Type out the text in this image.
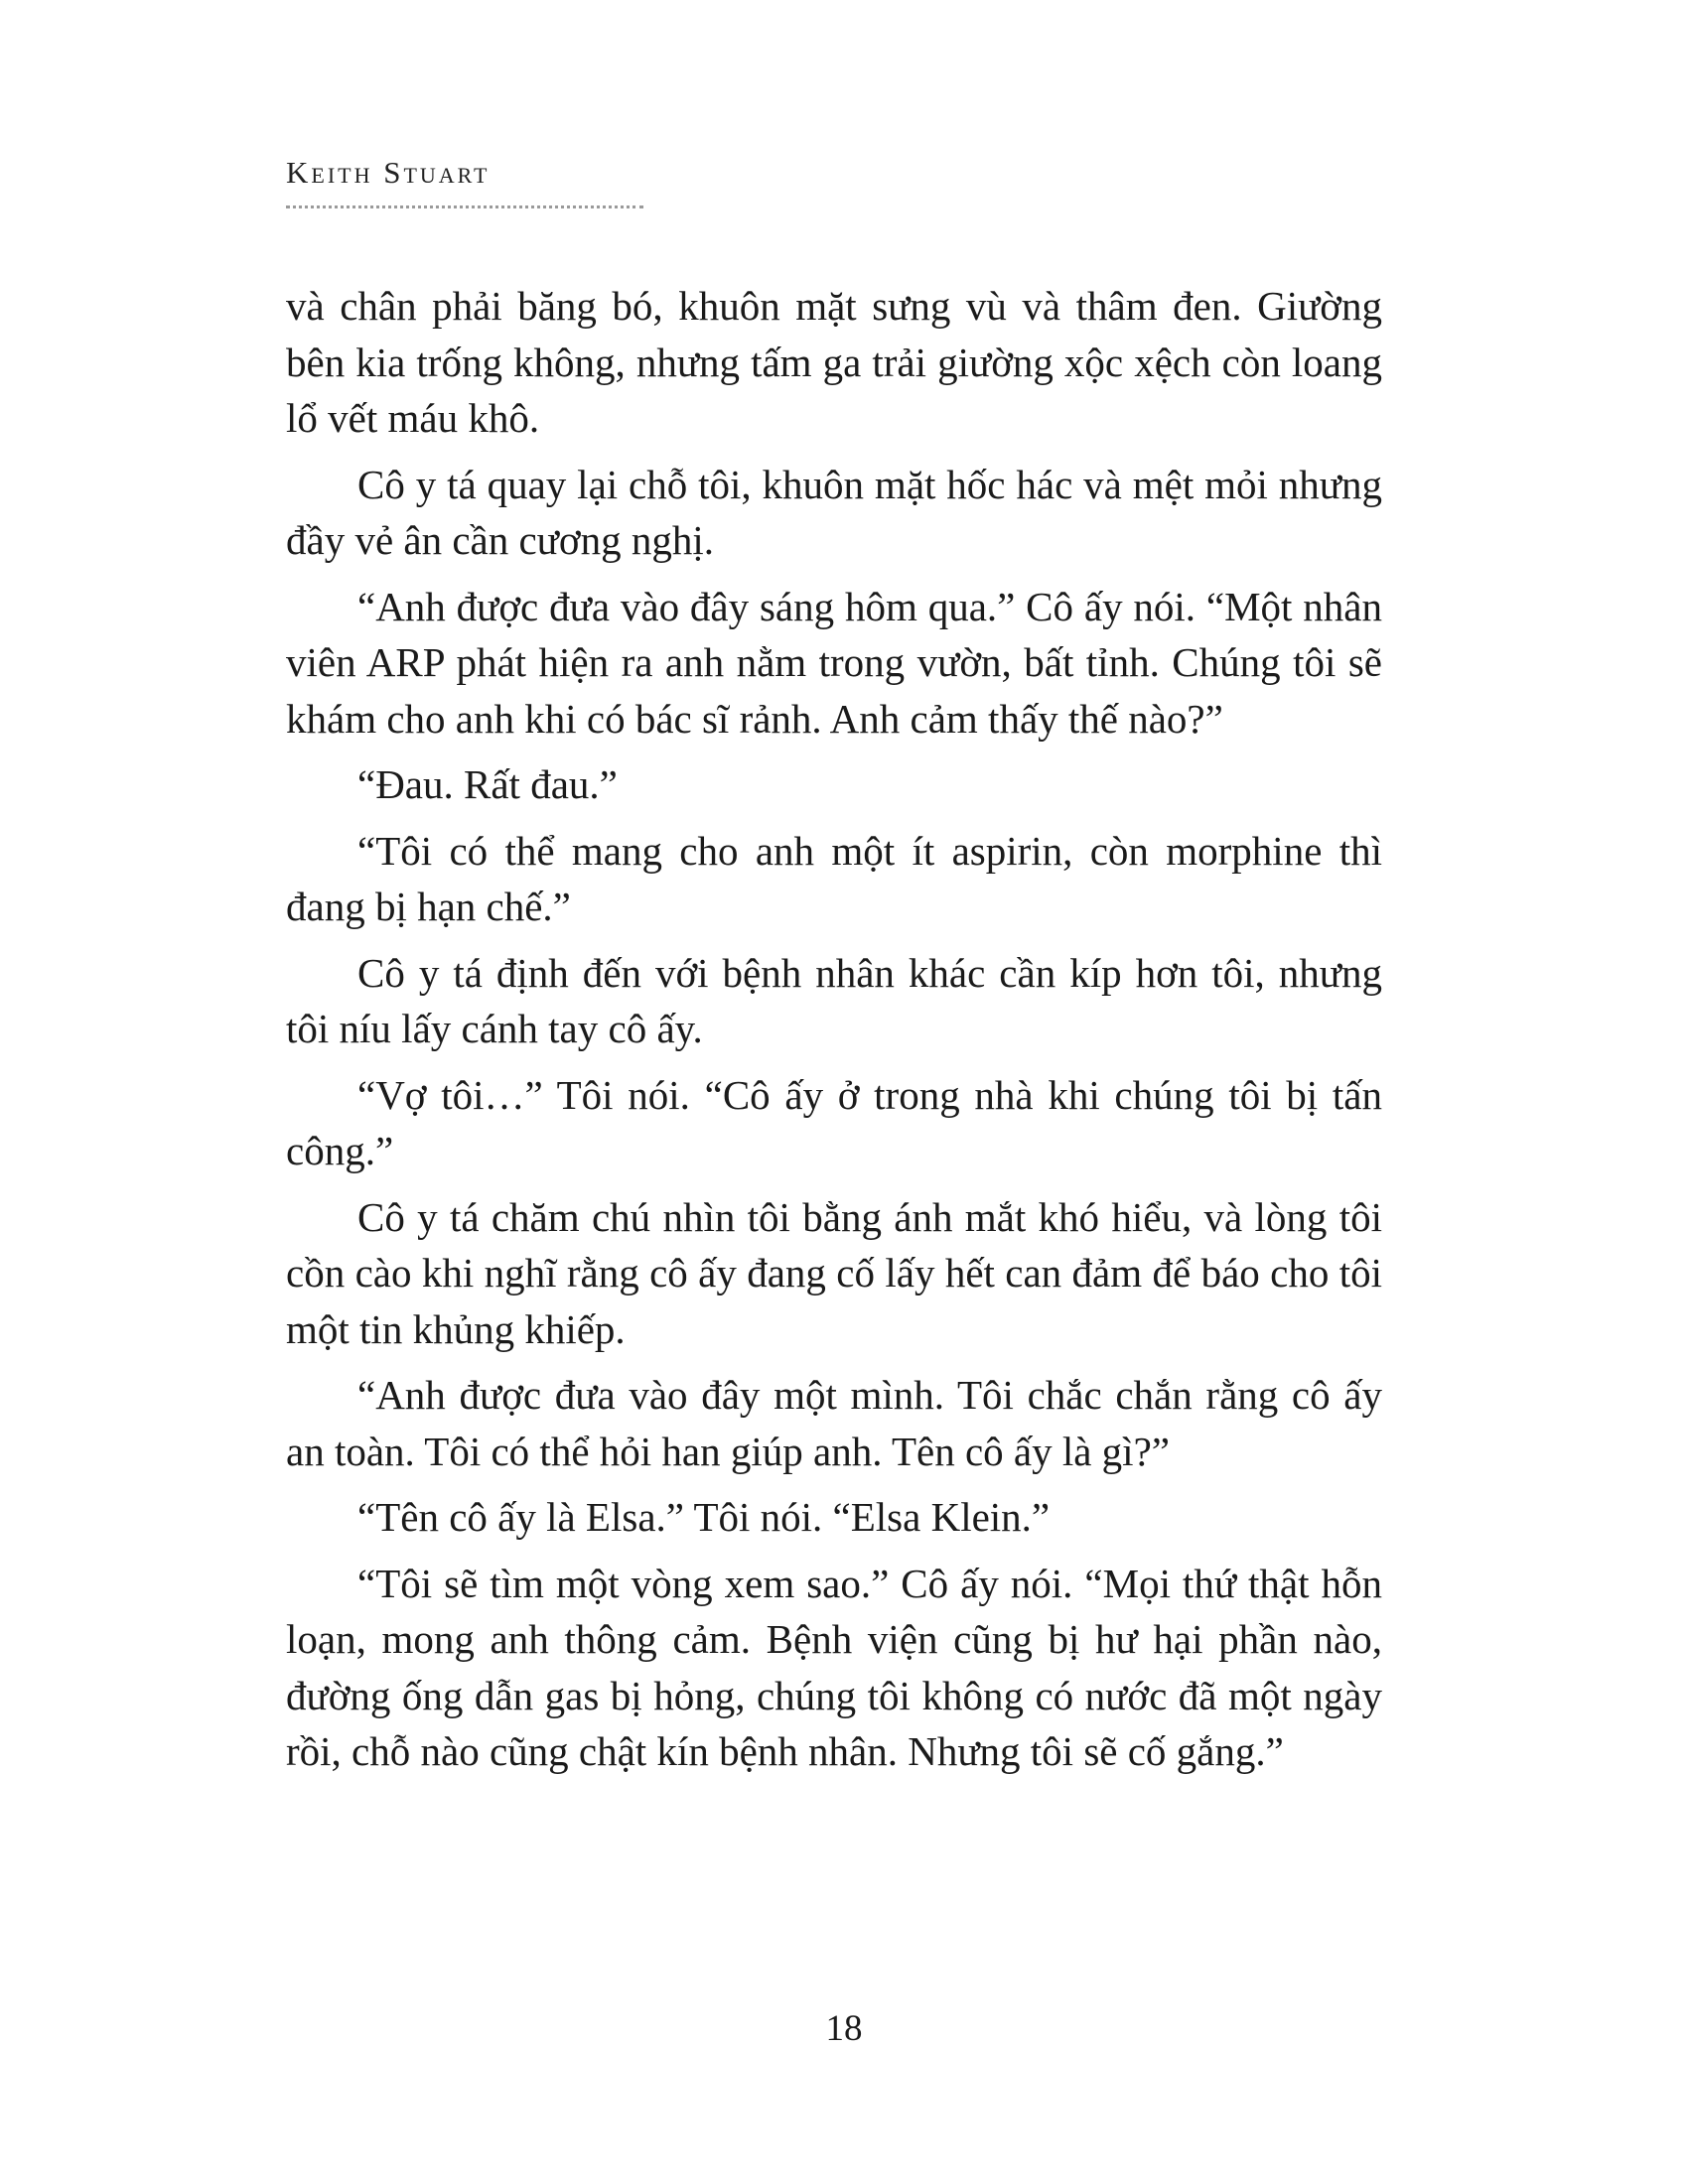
Keith Stuart

và chân phải băng bó, khuôn mặt sưng vù và thâm đen. Giường bên kia trống không, nhưng tấm ga trải giường xộc xệch còn loang lổ vết máu khô.

Cô y tá quay lại chỗ tôi, khuôn mặt hốc hác và mệt mỏi nhưng đầy vẻ ân cần cương nghị.

“Anh được đưa vào đây sáng hôm qua.” Cô ấy nói. “Một nhân viên ARP phát hiện ra anh nằm trong vườn, bất tỉnh. Chúng tôi sẽ khám cho anh khi có bác sĩ rảnh. Anh cảm thấy thế nào?”

“Đau. Rất đau.”

“Tôi có thể mang cho anh một ít aspirin, còn morphine thì đang bị hạn chế.”

Cô y tá định đến với bệnh nhân khác cần kíp hơn tôi, nhưng tôi níu lấy cánh tay cô ấy.

“Vợ tôi…” Tôi nói. “Cô ấy ở trong nhà khi chúng tôi bị tấn công.”

Cô y tá chăm chú nhìn tôi bằng ánh mắt khó hiểu, và lòng tôi cồn cào khi nghĩ rằng cô ấy đang cố lấy hết can đảm để báo cho tôi một tin khủng khiếp.

“Anh được đưa vào đây một mình. Tôi chắc chắn rằng cô ấy an toàn. Tôi có thể hỏi han giúp anh. Tên cô ấy là gì?”

“Tên cô ấy là Elsa.” Tôi nói. “Elsa Klein.”

“Tôi sẽ tìm một vòng xem sao.” Cô ấy nói. “Mọi thứ thật hỗn loạn, mong anh thông cảm. Bệnh viện cũng bị hư hại phần nào, đường ống dẫn gas bị hỏng, chúng tôi không có nước đã một ngày rồi, chỗ nào cũng chật kín bệnh nhân. Nhưng tôi sẽ cố gắng.”

18
